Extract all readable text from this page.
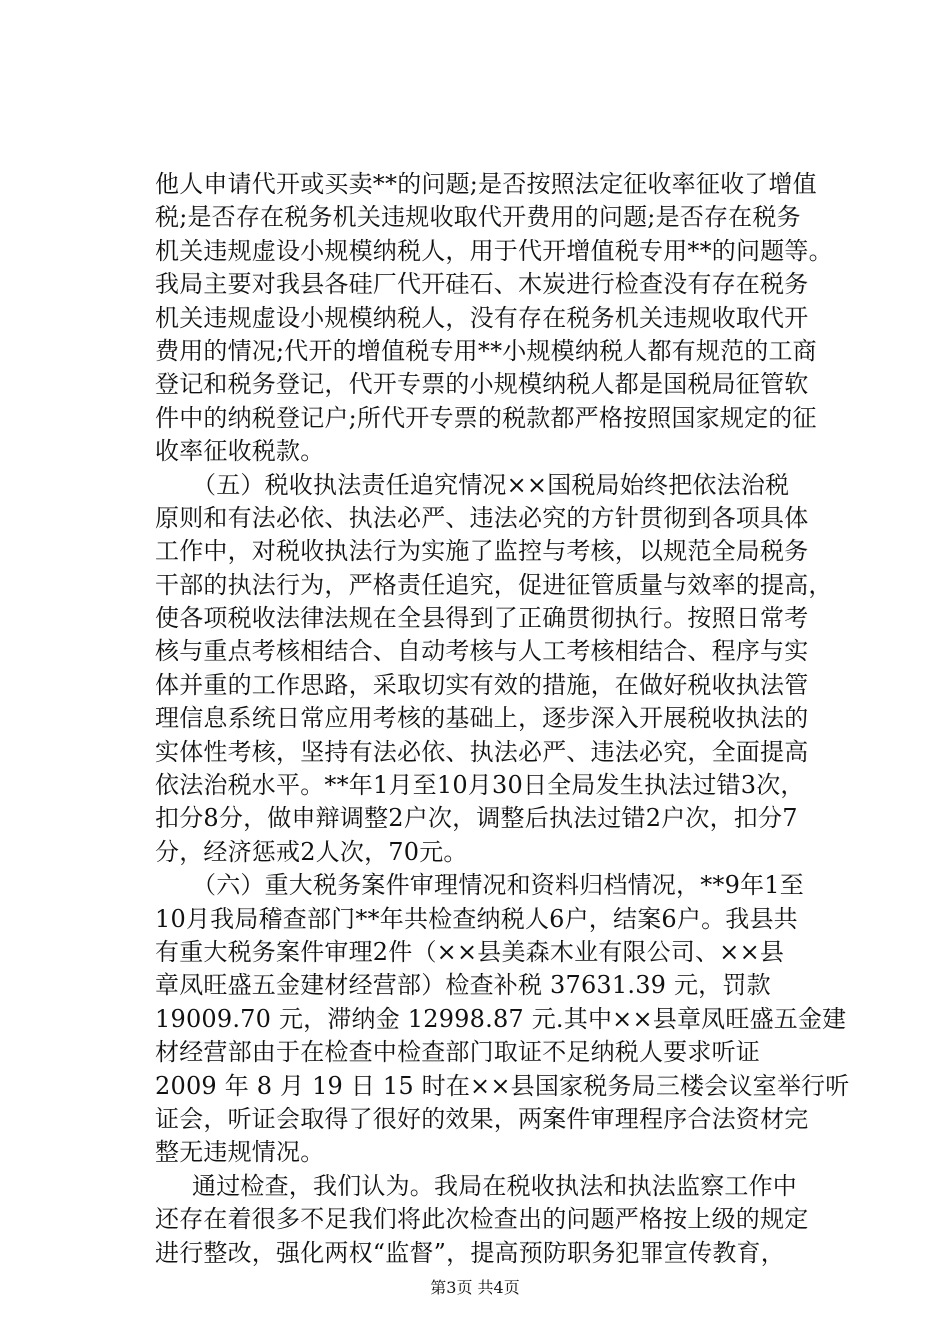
他人申请代开或买卖**的问题;是否按照法定征收率征收了增值
税;是否存在税务机关违规收取代开费用的问题;是否存在税务
机关违规虚设小规模纳税人，用于代开增值税专用**的问题等。
我局主要对我县各硅厂代开硅石、木炭进行检查没有存在税务
机关违规虚设小规模纳税人，没有存在税务机关违规收取代开
费用的情况;代开的增值税专用**小规模纳税人都有规范的工商
登记和税务登记，代开专票的小规模纳税人都是国税局征管软
件中的纳税登记户;所代开专票的税款都严格按照国家规定的征
收率征收税款。
（五）税收执法责任追究情况××国税局始终把依法治税
原则和有法必依、执法必严、违法必究的方针贯彻到各项具体
工作中，对税收执法行为实施了监控与考核，以规范全局税务
干部的执法行为，严格责任追究，促进征管质量与效率的提高，
使各项税收法律法规在全县得到了正确贯彻执行。按照日常考
核与重点考核相结合、自动考核与人工考核相结合、程序与实
体并重的工作思路，采取切实有效的措施，在做好税收执法管
理信息系统日常应用考核的基础上，逐步深入开展税收执法的
实体性考核，坚持有法必依、执法必严、违法必究，全面提高
依法治税水平。**年1月至10月30日全局发生执法过错3次，
扣分8分，做申辩调整2户次，调整后执法过错2户次，扣分7
分，经济惩戒2人次，70元。
（六）重大税务案件审理情况和资料归档情况，**9年1至
10月我局稽查部门**年共检查纳税人6户，结案6户。我县共
有重大税务案件审理2件（××县美森木业有限公司、××县
章凤旺盛五金建材经营部）检查补税 37631.39 元，罚款
19009.70 元，滞纳金 12998.87 元.其中××县章凤旺盛五金建
材经营部由于在检查中检查部门取证不足纳税人要求听证
2009 年 8 月 19 日 15 时在××县国家税务局三楼会议室举行听
证会，听证会取得了很好的效果，两案件审理程序合法资材完
整无违规情况。
通过检查，我们认为。我局在税收执法和执法监察工作中
还存在着很多不足我们将此次检查出的问题严格按上级的规定
进行整改，强化两权“监督”，提高预防职务犯罪宣传教育，
第3页 共4页
